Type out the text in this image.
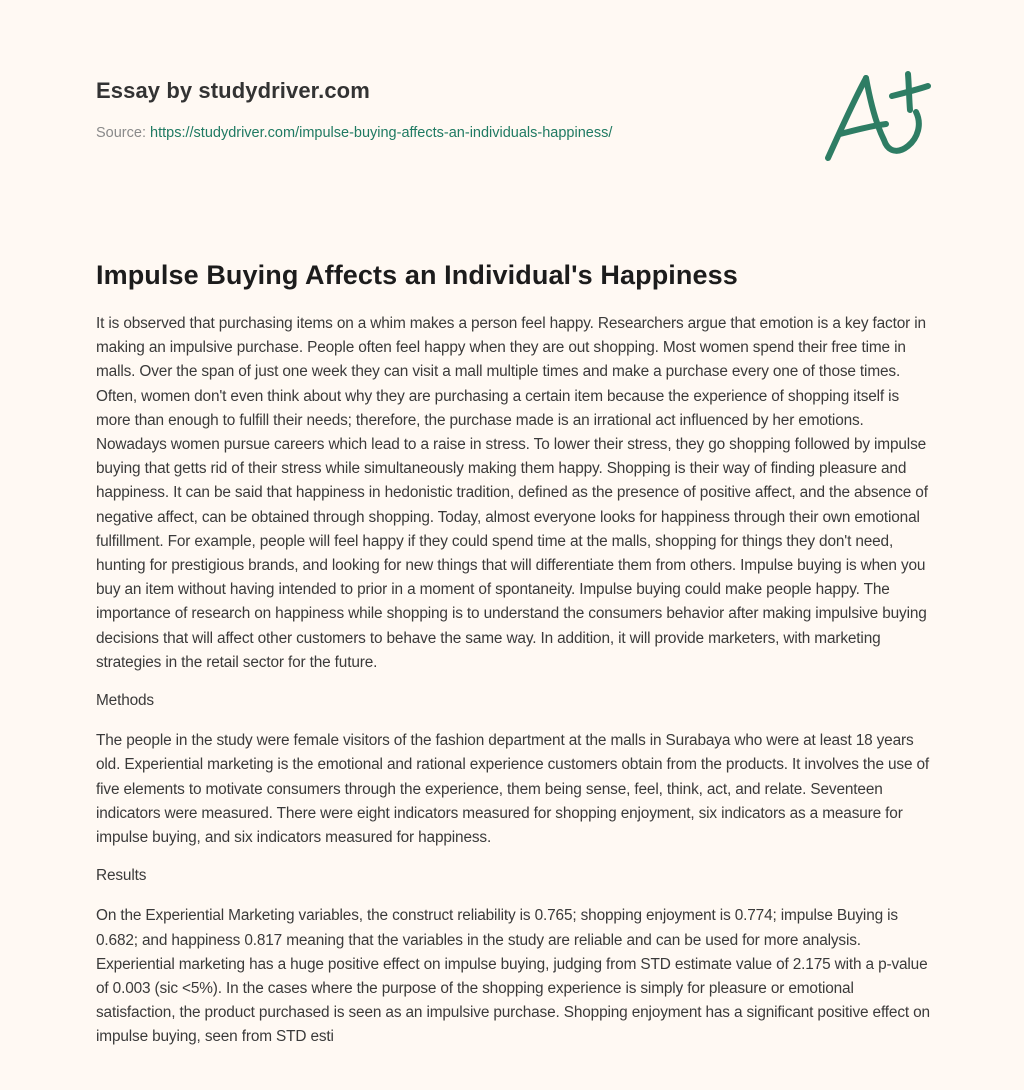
Essay by studydriver.com
Source: https://studydriver.com/impulse-buying-affects-an-individuals-happiness/
Impulse Buying Affects an Individual's Happiness

It is observed that purchasing items on a whim makes a person feel happy. Researchers argue that emotion is a key factor in making an impulsive purchase. People often feel happy when they are out shopping. Most women spend their free time in malls. Over the span of just one week they can visit a mall multiple times and make a purchase every one of those times. Often, women don't even think about why they are purchasing a certain item because the experience of shopping itself is more than enough to fulfill their needs; therefore, the purchase made is an irrational act influenced by her emotions. Nowadays women pursue careers which lead to a raise in stress. To lower their stress, they go shopping followed by impulse buying that getts rid of their stress while simultaneously making them happy. Shopping is their way of finding pleasure and happiness. It can be said that happiness in hedonistic tradition, defined as the presence of positive affect, and the absence of negative affect, can be obtained through shopping. Today, almost everyone looks for happiness through their own emotional fulfillment. For example, people will feel happy if they could spend time at the malls, shopping for things they don't need, hunting for prestigious brands, and looking for new things that will differentiate them from others. Impulse buying is when you buy an item without having intended to prior in a moment of spontaneity. Impulse buying could make people happy. The importance of research on happiness while shopping is to understand the consumers behavior after making impulsive buying decisions that will affect other customers to behave the same way. In addition, it will provide marketers, with marketing strategies in the retail sector for the future.

Methods

The people in the study were female visitors of the fashion department at the malls in Surabaya who were at least 18 years old. Experiential marketing is the emotional and rational experience customers obtain from the products. It involves the use of five elements to motivate consumers through the experience, them being sense, feel, think, act, and relate. Seventeen indicators were measured. There were eight indicators measured for shopping enjoyment, six indicators as a measure for impulse buying, and six indicators measured for happiness.

Results

On the Experiential Marketing variables, the construct reliability is 0.765; shopping enjoyment is 0.774; impulse Buying is 0.682; and happiness 0.817 meaning that the variables in the study are reliable and can be used for more analysis. Experiential marketing has a huge positive effect on impulse buying, judging from STD estimate value of 2.175 with a p-value of 0.003 (sic <5%). In the cases where the purpose of the shopping experience is simply for pleasure or emotional satisfaction, the product purchased is seen as an impulsive purchase. Shopping enjoyment has a significant positive effect on impulse buying, seen from STD esti
